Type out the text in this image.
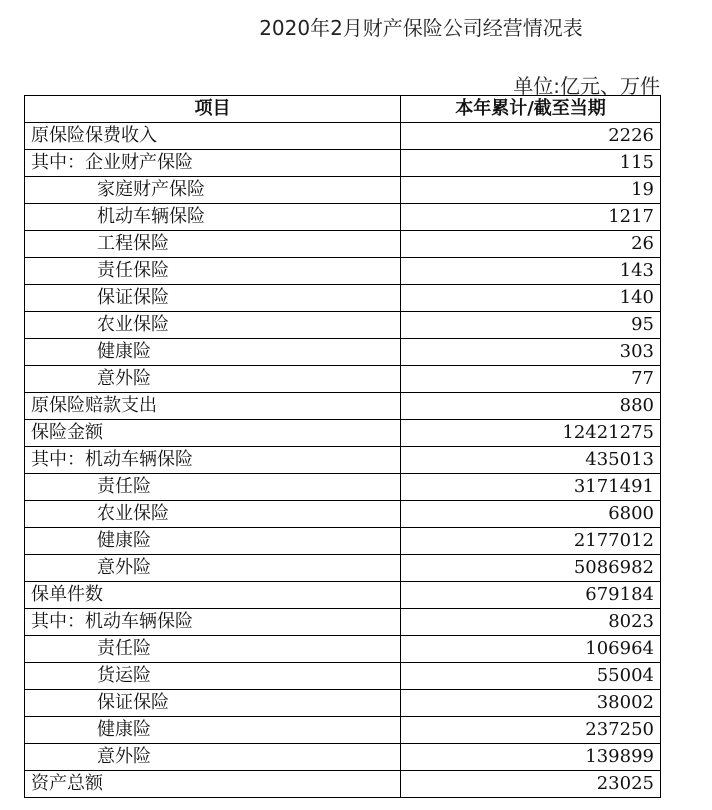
2020年2月财产保险公司经营情况表
单位:亿元、万件
项目	本年累计/截至当期
原保险保费收入	2226
其中：企业财产保险	115
家庭财产保险	19
机动车辆保险	1217
工程保险	26
责任保险	143
保证保险	140
农业保险	95
健康险	303
意外险	77
原保险赔款支出	880
保险金额	12421275
其中：机动车辆保险	435013
责任险	3171491
农业保险	6800
健康险	2177012
意外险	5086982
保单件数	679184
其中：机动车辆保险	8023
责任险	106964
货运险	55004
保证保险	38002
健康险	237250
意外险	139899
资产总额	23025
